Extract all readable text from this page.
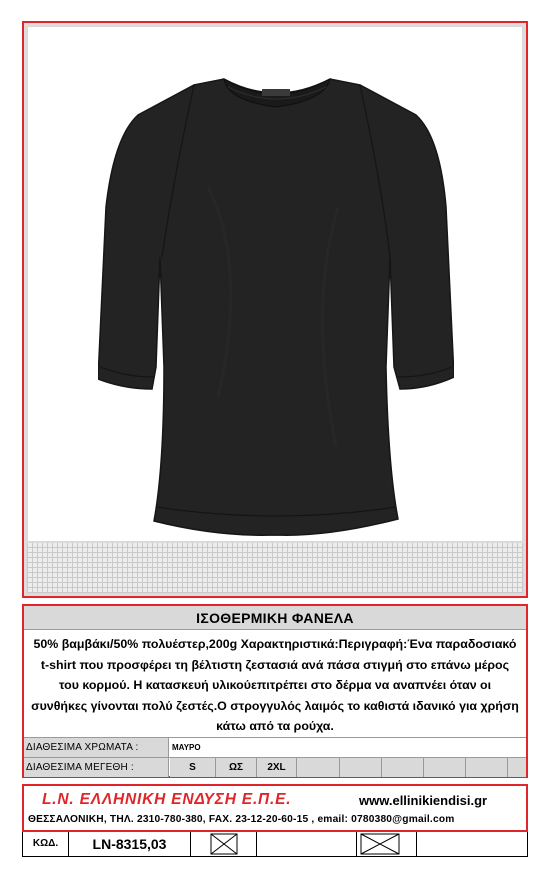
ΙΣΟΘΕΡΜΙΚΗ ΦΑΝΕΛΑ
50% βαμβάκι/50% πολυέστερ,200g Χαρακτηριστικά:Περιγραφή:Ένα παραδοσιακό t-shirt που προσφέρει τη βέλτιστη ζεστασιά ανά πάσα στιγμή στο επάνω μέρος του κορμού. Η κατασκευή υλικούεπιτρέπει στο δέρμα να αναπνέει όταν οι συνθήκες γίνονται πολύ ζεστές.Ο στρογγυλός λαιμός το καθιστά ιδανικό για χρήση κάτω από τα ρούχα.
ΔΙΑΘΕΣΙΜΑ ΧΡΩΜΑΤΑ :	ΜΑΥΡΟ
ΔΙΑΘΕΣΙΜΑ ΜΕΓΕΘΗ :	S	ΩΣ	2XL
L.N. ΕΛΛΗΝΙΚΗ ΕΝΔΥΣΗ Ε.Π.Ε.	www.ellinikiendisi.gr
ΘΕΣΣΑΛΟΝΙΚΗ, ΤΗΛ. 2310-780-380, FAX. 23-12-20-60-15 , email: 0780380@gmail.com
ΚΩΔ.	LN-8315,03
